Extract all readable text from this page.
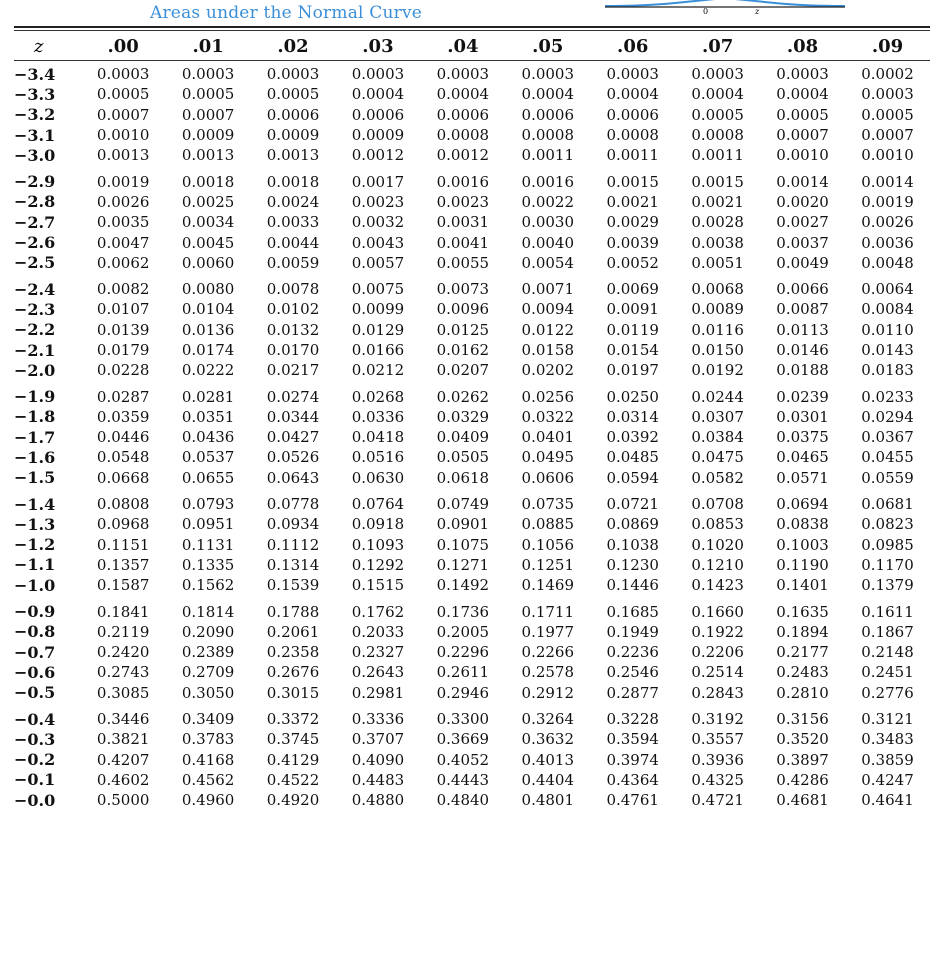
Areas under the Normal Curve	0	z
z	.00	.01	.02	.03	.04	.05	.06	.07	.08	.09
−3.4	0.0003	0.0003	0.0003	0.0003	0.0003	0.0003	0.0003	0.0003	0.0003	0.0002
−3.3	0.0005	0.0005	0.0005	0.0004	0.0004	0.0004	0.0004	0.0004	0.0004	0.0003
−3.2	0.0007	0.0007	0.0006	0.0006	0.0006	0.0006	0.0006	0.0005	0.0005	0.0005
−3.1	0.0010	0.0009	0.0009	0.0009	0.0008	0.0008	0.0008	0.0008	0.0007	0.0007
−3.0	0.0013	0.0013	0.0013	0.0012	0.0012	0.0011	0.0011	0.0011	0.0010	0.0010
−2.9	0.0019	0.0018	0.0018	0.0017	0.0016	0.0016	0.0015	0.0015	0.0014	0.0014
−2.8	0.0026	0.0025	0.0024	0.0023	0.0023	0.0022	0.0021	0.0021	0.0020	0.0019
−2.7	0.0035	0.0034	0.0033	0.0032	0.0031	0.0030	0.0029	0.0028	0.0027	0.0026
−2.6	0.0047	0.0045	0.0044	0.0043	0.0041	0.0040	0.0039	0.0038	0.0037	0.0036
−2.5	0.0062	0.0060	0.0059	0.0057	0.0055	0.0054	0.0052	0.0051	0.0049	0.0048
−2.4	0.0082	0.0080	0.0078	0.0075	0.0073	0.0071	0.0069	0.0068	0.0066	0.0064
−2.3	0.0107	0.0104	0.0102	0.0099	0.0096	0.0094	0.0091	0.0089	0.0087	0.0084
−2.2	0.0139	0.0136	0.0132	0.0129	0.0125	0.0122	0.0119	0.0116	0.0113	0.0110
−2.1	0.0179	0.0174	0.0170	0.0166	0.0162	0.0158	0.0154	0.0150	0.0146	0.0143
−2.0	0.0228	0.0222	0.0217	0.0212	0.0207	0.0202	0.0197	0.0192	0.0188	0.0183
−1.9	0.0287	0.0281	0.0274	0.0268	0.0262	0.0256	0.0250	0.0244	0.0239	0.0233
−1.8	0.0359	0.0351	0.0344	0.0336	0.0329	0.0322	0.0314	0.0307	0.0301	0.0294
−1.7	0.0446	0.0436	0.0427	0.0418	0.0409	0.0401	0.0392	0.0384	0.0375	0.0367
−1.6	0.0548	0.0537	0.0526	0.0516	0.0505	0.0495	0.0485	0.0475	0.0465	0.0455
−1.5	0.0668	0.0655	0.0643	0.0630	0.0618	0.0606	0.0594	0.0582	0.0571	0.0559
−1.4	0.0808	0.0793	0.0778	0.0764	0.0749	0.0735	0.0721	0.0708	0.0694	0.0681
−1.3	0.0968	0.0951	0.0934	0.0918	0.0901	0.0885	0.0869	0.0853	0.0838	0.0823
−1.2	0.1151	0.1131	0.1112	0.1093	0.1075	0.1056	0.1038	0.1020	0.1003	0.0985
−1.1	0.1357	0.1335	0.1314	0.1292	0.1271	0.1251	0.1230	0.1210	0.1190	0.1170
−1.0	0.1587	0.1562	0.1539	0.1515	0.1492	0.1469	0.1446	0.1423	0.1401	0.1379
−0.9	0.1841	0.1814	0.1788	0.1762	0.1736	0.1711	0.1685	0.1660	0.1635	0.1611
−0.8	0.2119	0.2090	0.2061	0.2033	0.2005	0.1977	0.1949	0.1922	0.1894	0.1867
−0.7	0.2420	0.2389	0.2358	0.2327	0.2296	0.2266	0.2236	0.2206	0.2177	0.2148
−0.6	0.2743	0.2709	0.2676	0.2643	0.2611	0.2578	0.2546	0.2514	0.2483	0.2451
−0.5	0.3085	0.3050	0.3015	0.2981	0.2946	0.2912	0.2877	0.2843	0.2810	0.2776
−0.4	0.3446	0.3409	0.3372	0.3336	0.3300	0.3264	0.3228	0.3192	0.3156	0.3121
−0.3	0.3821	0.3783	0.3745	0.3707	0.3669	0.3632	0.3594	0.3557	0.3520	0.3483
−0.2	0.4207	0.4168	0.4129	0.4090	0.4052	0.4013	0.3974	0.3936	0.3897	0.3859
−0.1	0.4602	0.4562	0.4522	0.4483	0.4443	0.4404	0.4364	0.4325	0.4286	0.4247
−0.0	0.5000	0.4960	0.4920	0.4880	0.4840	0.4801	0.4761	0.4721	0.4681	0.4641
